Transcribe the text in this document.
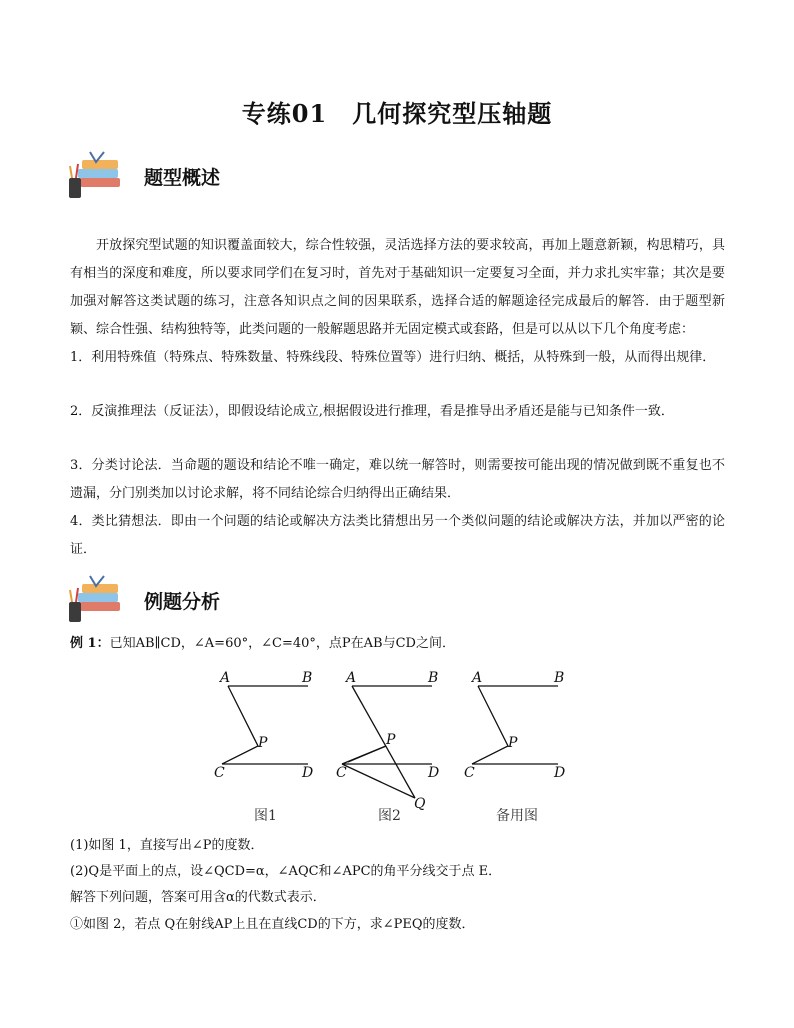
专练01　几何探究型压轴题
题型概述
开放探究型试题的知识覆盖面较大，综合性较强，灵活选择方法的要求较高，再加上题意新颖，构思精巧，具有相当的深度和难度，所以要求同学们在复习时，首先对于基础知识一定要复习全面，并力求扎实牢靠；其次是要加强对解答这类试题的练习，注意各知识点之间的因果联系，选择合适的解题途径完成最后的解答．由于题型新颖、综合性强、结构独特等，此类问题的一般解题思路并无固定模式或套路，但是可以从以下几个角度考虑：
1．利用特殊值（特殊点、特殊数量、特殊线段、特殊位置等）进行归纳、概括，从特殊到一般，从而得出规律．
2．反演推理法（反证法），即假设结论成立,根据假设进行推理，看是推导出矛盾还是能与已知条件一致．
3．分类讨论法．当命题的题设和结论不唯一确定，难以统一解答时，则需要按可能出现的情况做到既不重复也不遗漏，分门别类加以讨论求解，将不同结论综合归纳得出正确结果．
4．类比猜想法．即由一个问题的结论或解决方法类比猜想出另一个类似问题的结论或解决方法，并加以严密的论证．
例题分析
例 1：已知AB∥CD，∠A=60°，∠C=40°，点P在AB与CD之间．
A	B
P
C	D
A	B
P
C	D
Q
A	B
P
C	D
图1	图2	备用图
(1)如图 1，直接写出∠P的度数．
(2)Q是平面上的点，设∠QCD=α，∠AQC和∠APC的角平分线交于点 E．
解答下列问题，答案可用含α的代数式表示．
①如图 2，若点 Q在射线AP上且在直线CD的下方，求∠PEQ的度数．
